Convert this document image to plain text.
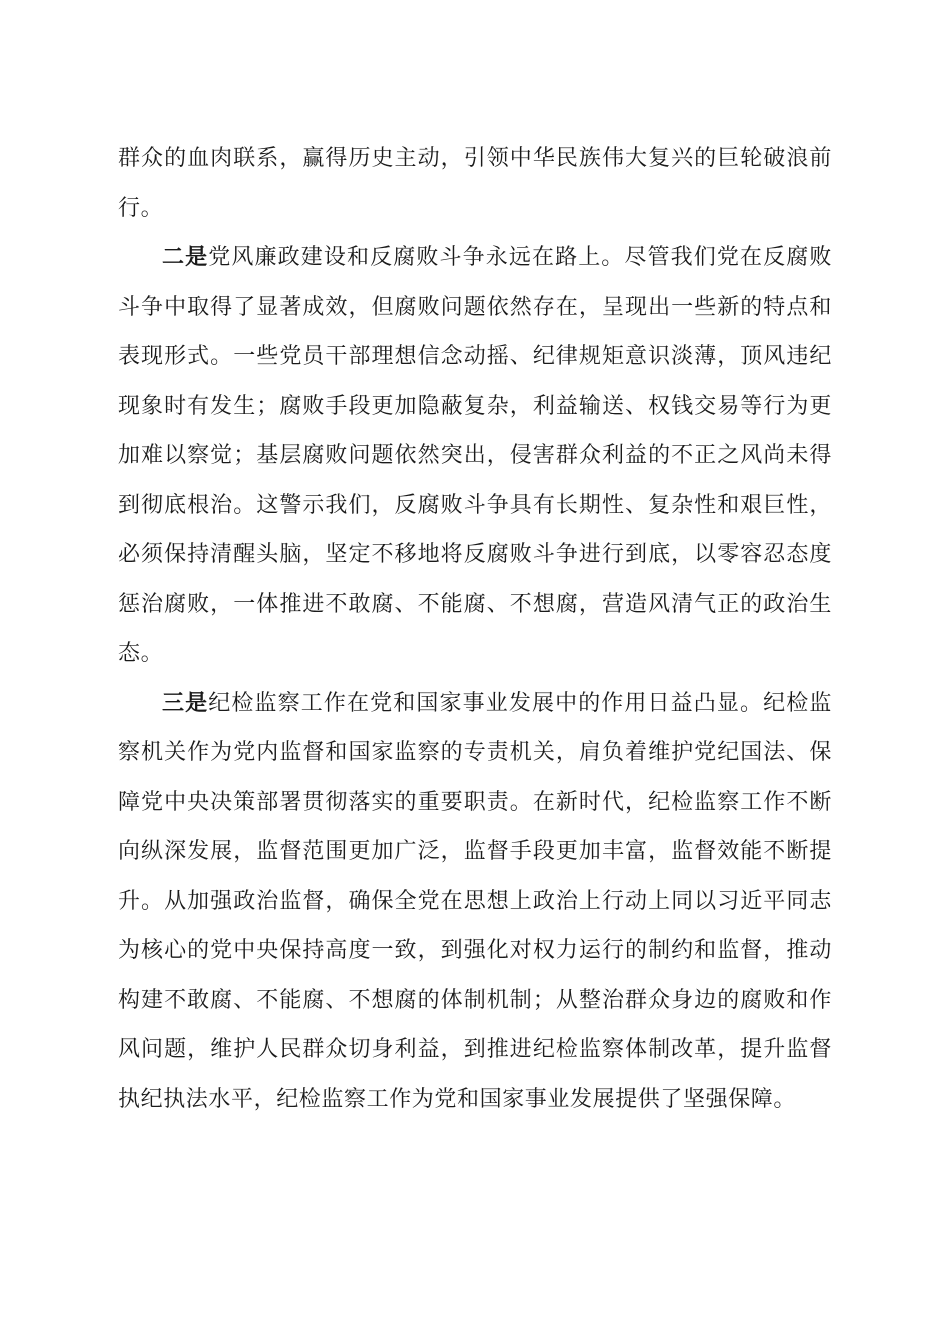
群众的血肉联系，赢得历史主动，引领中华民族伟大复兴的巨轮破浪前行。

二是党风廉政建设和反腐败斗争永远在路上。尽管我们党在反腐败斗争中取得了显著成效，但腐败问题依然存在，呈现出一些新的特点和表现形式。一些党员干部理想信念动摇、纪律规矩意识淡薄，顶风违纪现象时有发生；腐败手段更加隐蔽复杂，利益输送、权钱交易等行为更加难以察觉；基层腐败问题依然突出，侵害群众利益的不正之风尚未得到彻底根治。这警示我们，反腐败斗争具有长期性、复杂性和艰巨性，必须保持清醒头脑，坚定不移地将反腐败斗争进行到底，以零容忍态度惩治腐败，一体推进不敢腐、不能腐、不想腐，营造风清气正的政治生态。

三是纪检监察工作在党和国家事业发展中的作用日益凸显。纪检监察机关作为党内监督和国家监察的专责机关，肩负着维护党纪国法、保障党中央决策部署贯彻落实的重要职责。在新时代，纪检监察工作不断向纵深发展，监督范围更加广泛，监督手段更加丰富，监督效能不断提升。从加强政治监督，确保全党在思想上政治上行动上同以习近平同志为核心的党中央保持高度一致，到强化对权力运行的制约和监督，推动构建不敢腐、不能腐、不想腐的体制机制；从整治群众身边的腐败和作风问题，维护人民群众切身利益，到推进纪检监察体制改革，提升监督执纪执法水平，纪检监察工作为党和国家事业发展提供了坚强保障。
